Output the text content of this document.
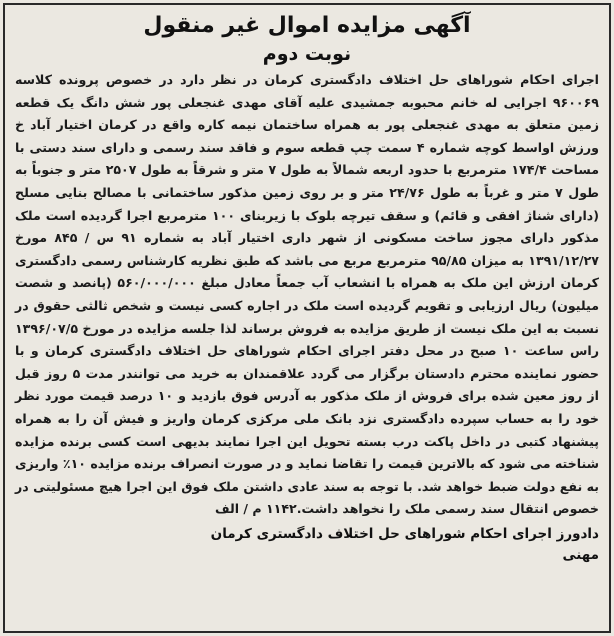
آگهی مزایده اموال غیر منقول
نوبت دوم

اجرای احکام شوراهای حل اختلاف دادگستری کرمان در نظر دارد در خصوص پرونده کلاسه ۹۶۰۰۶۹ اجرایی له خانم محبوبه جمشیدی علیه آقای مهدی غنجعلی پور شش دانگ یک قطعه زمین متعلق به مهدی غنجعلی پور به همراه ساختمان نیمه کاره واقع در کرمان اختیار آباد خ ورزش اواسط کوچه شماره ۴ سمت چپ قطعه سوم و فاقد سند رسمی و دارای سند دستی با مساحت ۱۷۴/۴ مترمربع با حدود اربعه شمالاً به طول ۷ متر و شرقاً به طول ۲۵۰۷ متر و جنوباً به طول ۷ متر و غرباً به طول ۲۴/۷۶ متر و بر روی زمین مذکور ساختمانی با مصالح بنایی مسلح (دارای شناژ افقی و قائم) و سقف تیرچه بلوک با زیربنای ۱۰۰ مترمربع اجرا گردیده است ملک مذکور دارای مجوز ساخت مسکونی از شهر داری اختیار آباد به شماره ۹۱ س / ۸۴۵ مورخ ۱۳۹۱/۱۲/۲۷ به میزان ۹۵/۸۵ مترمربع مربع می باشد که طبق نظریه کارشناس رسمی دادگستری کرمان ارزش این ملک به همراه با انشعاب آب جمعاً معادل مبلغ ۵۶۰/۰۰۰/۰۰۰ (پانصد و شصت میلیون) ریال ارزیابی و تقویم گردیده است ملک در اجاره کسی نیست و شخص ثالثی حقوق در نسبت به این ملک نیست از طریق مزایده به فروش برساند لذا جلسه مزایده در مورخ ۱۳۹۶/۰۷/۵ راس ساعت ۱۰ صبح در محل دفتر اجرای احکام شوراهای حل اختلاف دادگستری کرمان و با حضور نماینده محترم دادستان برگزار می گردد علاقمندان به خرید می توانندر مدت ۵ روز قبل از روز معین شده برای فروش از ملک مذکور به آدرس فوق بازدید و ۱۰ درصد قیمت مورد نظر خود را به حساب سپرده دادگستری نزد بانک ملی مرکزی کرمان واریز و فیش آن را به همراه پیشنهاد کتبی در داخل پاکت درب بسته تحویل این اجرا نمایند بدیهی است کسی برنده مزایده شناخته می شود که بالاترین قیمت را تقاضا نماید و در صورت انصراف برنده مزایده ۱۰٪ واریزی به نفع دولت ضبط خواهد شد. با توجه به سند عادی داشتن ملک فوق این اجرا هیچ مسئولیتی در خصوص انتقال سند رسمی ملک را نخواهد داشت.۱۱۴۲ م / الف

دادورز اجرای احکام شوراهای حل اختلاف دادگستری کرمان

مهنی
